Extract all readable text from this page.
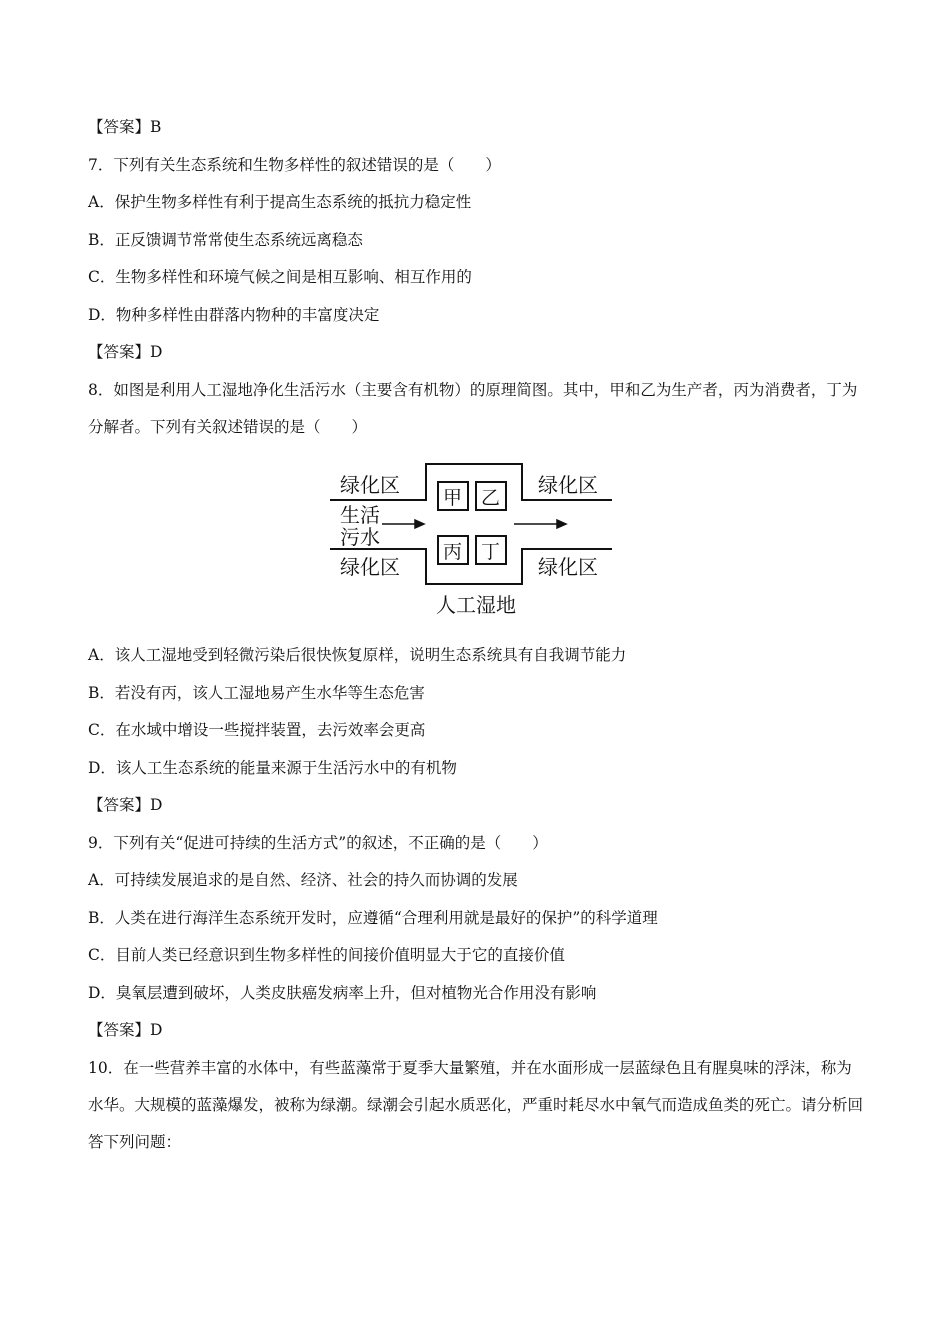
【答案】B
7．下列有关生态系统和生物多样性的叙述错误的是（　　）
A．保护生物多样性有利于提高生态系统的抵抗力稳定性
B．正反馈调节常常使生态系统远离稳态
C．生物多样性和环境气候之间是相互影响、相互作用的
D．物种多样性由群落内物种的丰富度决定
【答案】D
8．如图是利用人工湿地净化生活污水（主要含有机物）的原理简图。其中，甲和乙为生产者，丙为消费者，丁为分解者。下列有关叙述错误的是（　　）
绿化区	绿化区
生活
污水
绿化区	绿化区
甲 乙
丙 丁
人工湿地
A．该人工湿地受到轻微污染后很快恢复原样，说明生态系统具有自我调节能力
B．若没有丙，该人工湿地易产生水华等生态危害
C．在水域中增设一些搅拌装置，去污效率会更高
D．该人工生态系统的能量来源于生活污水中的有机物
【答案】D
9．下列有关“促进可持续的生活方式”的叙述，不正确的是（　　）
A．可持续发展追求的是自然、经济、社会的持久而协调的发展
B．人类在进行海洋生态系统开发时，应遵循“合理利用就是最好的保护”的科学道理
C．目前人类已经意识到生物多样性的间接价值明显大于它的直接价值
D．臭氧层遭到破坏，人类皮肤癌发病率上升，但对植物光合作用没有影响
【答案】D
10．在一些营养丰富的水体中，有些蓝藻常于夏季大量繁殖，并在水面形成一层蓝绿色且有腥臭味的浮沫，称为水华。大规模的蓝藻爆发，被称为绿潮。绿潮会引起水质恶化，严重时耗尽水中氧气而造成鱼类的死亡。请分析回答下列问题：
